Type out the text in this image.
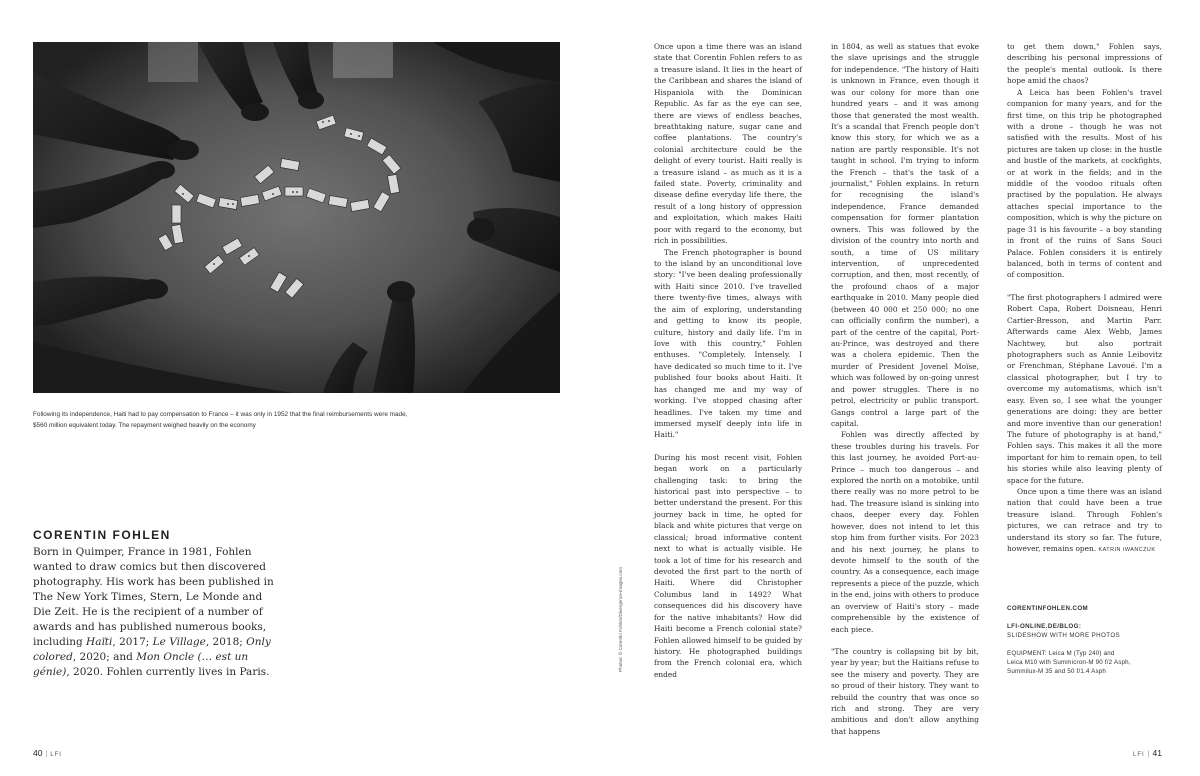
Following its independence, Haiti had to pay compensation to France – it was only in 1952 that the final reimbursements were made, $560 million equivalent today. The repayment weighed heavily on the economy

CORENTIN FOHLEN

Born in Quimper, France in 1981, Fohlen wanted to draw comics but then discovered photography. His work has been published in The New York Times, Stern, Le Monde and Die Zeit. He is the recipient of a number of awards and has published numerous books, including Haïti, 2017; Le Village, 2018; Only colored, 2020; and Mon Oncle (… est un génie), 2020. Fohlen currently lives in Paris.	Photos: © Corentin Fohlen/Divergence-images.com

Once upon a time there was an island state that Corentin Fohlen refers to as a treasure island. It lies in the heart of the Caribbean and shares the island of Hispaniola with the Dominican Republic. As far as the eye can see, there are views of endless beaches, breathtaking nature, sugar cane and coffee plantations. The country's colonial architecture could be the delight of every tourist. Haiti really is a treasure island – as much as it is a failed state. Poverty, criminality and disease define everyday life there, the result of a long history of oppression and exploitation, which makes Haiti poor with regard to the economy, but rich in possibilities.

The French photographer is bound to the island by an unconditional love story: "I've been dealing professionally with Haiti since 2010. I've travelled there twenty-five times, always with the aim of exploring, understanding and getting to know its people, culture, history and daily life. I'm in love with this country," Fohlen enthuses. "Completely. Intensely. I have dedicated so much time to it. I've published four books about Haiti. It has changed me and my way of working. I've stopped chasing after headlines. I've taken my time and immersed myself deeply into life in Haiti."

During his most recent visit, Fohlen began work on a particularly challenging task: to bring the historical past into perspective – to better understand the present. For this journey back in time, he opted for black and white pictures that verge on classical; broad informative content next to what is actually visible. He took a lot of time for his research and devoted the first part to the north of Haiti. Where did Christopher Columbus land in 1492? What consequences did his discovery have for the native inhabitants? How did Haiti become a French colonial state? Fohlen allowed himself to be guided by history. He photographed buildings from the French colonial era, which ended

in 1804, as well as statues that evoke the slave uprisings and the struggle for independence. "The history of Haiti is unknown in France, even though it was our colony for more than one hundred years – and it was among those that generated the most wealth. It's a scandal that French people don't know this story, for which we as a nation are partly responsible. It's not taught in school. I'm trying to inform the French – that's the task of a journalist," Fohlen explains. In return for recognising the island's independence, France demanded compensation for former plantation owners. This was followed by the division of the country into north and south, a time of US military intervention, of unprecedented corruption, and then, most recently, of the profound chaos of a major earthquake in 2010. Many people died (between 40 000 et 250 000; no one can officially confirm the number), a part of the centre of the capital, Port-au-Prince, was destroyed and there was a cholera epidemic. Then the murder of President Jovenel Moïse, which was followed by on-going unrest and power struggles. There is no petrol, electricity or public transport. Gangs control a large part of the capital.

Fohlen was directly affected by these troubles during his travels. For this last journey, he avoided Port-au-Prince – much too dangerous – and explored the north on a motobike, until there really was no more petrol to be had. The treasure island is sinking into chaos, deeper every day. Fohlen however, does not intend to let this stop him from further visits. For 2023 and his next journey, he plans to devote himself to the south of the country. As a consequence, each image represents a piece of the puzzle, which in the end, joins with others to produce an overview of Haiti's story – made comprehensible by the existence of each piece.

"The country is collapsing bit by bit, year by year; but the Haitians refuse to see the misery and poverty. They are so proud of their history. They want to rebuild the country that was once so rich and strong. They are very ambitious and don't allow anything that happens

to get them down," Fohlen says, describing his personal impressions of the people's mental outlook. Is there hope amid the chaos?

A Leica has been Fohlen's travel companion for many years, and for the first time, on this trip he photographed with a drone – though he was not satisfied with the results. Most of his pictures are taken up close: in the hustle and bustle of the markets, at cockfights, or at work in the fields; and in the middle of the voodoo rituals often practised by the population. He always attaches special importance to the composition, which is why the picture on page 31 is his favourite – a boy standing in front of the ruins of Sans Souci Palace. Fohlen considers it is entirely balanced, both in terms of content and of composition.

"The first photographers I admired were Robert Capa, Robert Doisneau, Henri Cartier-Bresson, and Martin Parr. Afterwards came Alex Webb, James Nachtwey, but also portrait photographers such as Annie Leibovitz or Frenchman, Stéphane Lavoué. I'm a classical photographer, but I try to overcome my automatisms, which isn't easy. Even so, I see what the younger generations are doing: they are better and more inventive than our generation! The future of photography is at hand," Fohlen says. This makes it all the more important for him to remain open, to tell his stories while also leaving plenty of space for the future.

Once upon a time there was an island nation that could have been a true treasure island. Through Fohlen's pictures, we can retrace and try to understand its story so far. The future, however, remains open. KATRIN IWANCZUK

CORENTINFOHLEN.COM
LFI-ONLINE.DE/BLOG:
SLIDESHOW WITH MORE PHOTOS
EQUIPMENT: Leica M (Typ 240) and
Leica M10 with Summicron-M 90 f/2 Asph,
Summilux-M 35 and 50 f/1.4 Asph
40 | LFI	LFI | 41
